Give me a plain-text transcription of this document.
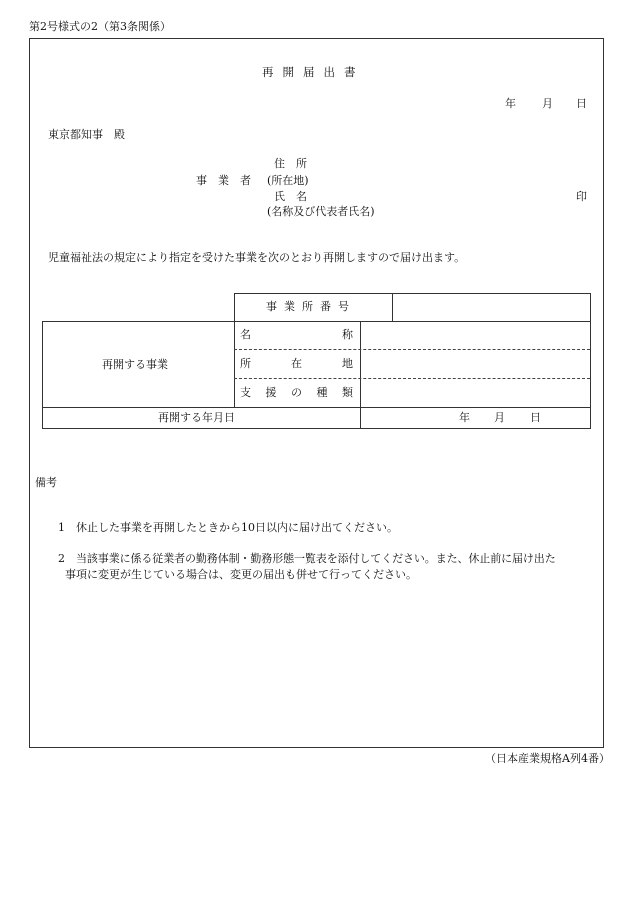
第2号様式の2（第3条関係）
再開届出書
年 月 日
東京都知事　殿
住　所
事　業　者 (所在地)
氏　名	印
(名称及び代表者氏名)
児童福祉法の規定により指定を受けた事業を次のとおり再開しますので届け出ます。
事業所番号
再開する事業
名	称
所	在	地
支 援 の 種 類
再開する年月日	年 月 日
備考
1 休止した事業を再開したときから10日以内に届け出てください。
2 当該事業に係る従業者の勤務体制・勤務形態一覧表を添付してください。また、休止前に届け出た
事項に変更が生じている場合は、変更の届出も併せて行ってください。
（日本産業規格A列4番）
